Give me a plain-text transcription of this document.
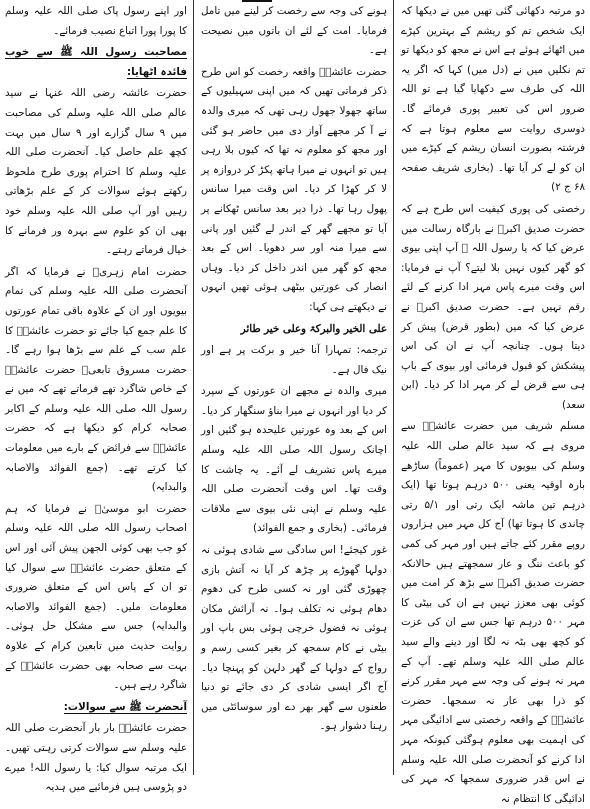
دو مرتبہ دکھائی گئی تھیں میں نے دیکھا کہ ایک شخص تم کو ریشم کے بہترین کپڑے میں اٹھائے ہوئے ہے اس نے مجھ کو دیکھا تو تم نکلیں میں نے (دل میں) کہا کہ اگر یہ اللہ کی طرف سے دکھایا گیا ہے تو اللہ ضرور اس کی تعبیر پوری فرمائے گا۔ دوسری روایت سے معلوم ہوتا ہے کہ فرشتہ بصورت انسان ریشم کے کپڑے میں ان کو لے کر آیا تھا۔ (بخاری شریف صفحہ ۶۸ ج ۲)

رخصتی کی پوری کیفیت اس طرح ہے کہ حضرت صدیق اکبرؓ نے بارگاہ رسالت میں عرض کیا کہ یا رسول اللہ ﷺ آپ اپنی بیوی کو گھر کیوں نہیں بلا لیتے؟ آپ نے فرمایا: اس وقت میرے پاس مہر ادا کرنے کے لئے رقم نہیں ہے۔ حضرت صدیق اکبرؓ نے عرض کیا کہ میں (بطور قرض) پیش کر دیتا ہوں۔ چنانچہ آپ نے ان کی اس پیشکش کو قبول فرمائی اور بیوی کے باپ ہی سے قرض لے کر مہر ادا کر دیا۔ (ابن سعد)

مسلم شریف میں حضرت عائشہؓ سے مروی ہے کہ سید عالم صلی اللہ علیہ وسلم کی بیویوں کا مہر (عموماً) ساڑھے بارہ اوقیہ یعنی ۵۰۰ درہم ہوتا تھا (ایک درہم تین ماشہ ایک رتی اور ۵/۱ رتی چاندی کا ہوتا تھا) آج کل مہر میں ہزاروں روپے مقرر کئے جاتے ہیں اور مہر کی کمی کو باعث ننگ و عار سمجھتے ہیں حالانکہ حضرت صدیق اکبرؓ سے بڑھ کر امت میں کوئی بھی معزز نہیں ہے ان کی بیٹی کا مہر ۵۰۰ درہم تھا جس سے ان کی عزت کو کچھ بھی بٹہ نہ لگا اور دینے والے سید عالم صلی اللہ علیہ وسلم تھے۔ آپ کے مہر نہ ہونے کی وجہ سے مہر مقرر کرنے کو ذرا بھی عار نہ سمجھا۔ حضرت عائشہؓ کے واقعہ رخصتی سے ادائیگی مہر کی اہمیت بھی معلوم ہوگئی کیونکہ مہر ادا کرنے کو آنحضرت صلی اللہ علیہ وسلم نے اس قدر ضروری سمجھا کہ مہر کی ادائیگی کا انتظام نہ

ہونے کی وجہ سے رخصت کر لینے میں تامل فرمایا۔ امت کے لئے ان باتوں میں نصیحت ہے۔

حضرت عائشہؓ واقعہ رخصت کو اس طرح ذکر فرماتی تھیں کہ میں اپنی سہیلیوں کے ساتھ جھولا جھول رہی تھی کہ میری والدہ نے آ کر مجھے آواز دی میں حاضر ہو گئی اور مجھ کو معلوم نہ تھا کہ کیوں بلا رہی ہیں تو انہوں نے میرا ہاتھ پکڑ کر دروازہ پر لا کر کھڑا کر دیا۔ اس وقت میرا سانس پھول رہا تھا۔ ذرا دیر بعد سانس ٹھکانے پر آیا تو مجھے گھر کے اندر لے گئیں اور پانی سے میرا منہ اور سر دھویا۔ اس کے بعد مجھ کو گھر میں اندر داخل کر دیا۔ وہاں انصار کی عورتیں بیٹھی ہوئی تھیں انہوں نے دیکھتے ہی کہا:

علی الخیر والبرکۃ وعلی خیر طائر

ترجمہ: تمہارا آنا خیر و برکت پر ہے اور نیک فال ہے۔

میری والدہ نے مجھے ان عورتوں کے سپرد کر دیا اور انہوں نے میرا بناؤ سنگھار کر دیا۔ اس کے بعد وہ عورتیں علیحدہ ہو گئیں اور اچانک رسول اللہ صلی اللہ علیہ وسلم میرے پاس تشریف لے آئے۔ یہ چاشت کا وقت تھا۔ اس وقت آنحضرت صلی اللہ علیہ وسلم نے اپنی نئی بیوی سے ملاقات فرمائی۔ (بخاری و جمع الفوائد)

غور کیجئے! اس سادگی سے شادی ہوئی نہ دولہا گھوڑے پر چڑھ کر آیا نہ آتش بازی چھوڑی گئی اور نہ کسی طرح کی دھوم دھام ہوئی نہ تکلف ہوا۔ نہ آرائش مکان ہوئی نہ فضول خرچی ہوئی بس باپ اور بیٹی نے کام سمجھ کر بغیر کسی رسم و رواج کے دولہا کے گھر دلہن کو پہنچا دیا۔ آج اگر ایسی شادی کر دی جائے تو دنیا طعنوں سے گھر بھر دے اور سوسائٹی میں رہنا دشوار ہو۔

اور اپنے رسول پاک صلی اللہ علیہ وسلم کا پورا پورا اتباع نصیب فرمائے۔

مصاحبت رسول اللہ ﷺ سے خوب فائدہ اٹھایا:

حضرت عائشہ رضی اللہ عنہا نے سید عالم صلی اللہ علیہ وسلم کی مصاحبت میں ۹ سال گزارے اور ۹ سال میں بہت کچھ علم حاصل کیا۔ آنحضرت صلی اللہ علیہ وسلم کا احترام پوری طرح ملحوظ رکھتے ہوئے سوالات کر کے علم بڑھاتی رہیں اور آپ صلی اللہ علیہ وسلم خود بھی ان کو علوم سے بہرہ ور فرمانے کا خیال فرماتے رہتے۔

حضرت امام زہریؒ نے فرمایا کہ اگر آنحضرت صلی اللہ علیہ وسلم کی تمام بیویوں اور ان کے علاوہ باقی تمام عورتوں کا علم جمع کیا جائے تو حضرت عائشہؓ کا علم سب کے علم سے بڑھا ہوا رہے گا۔ حضرت مسروق تابعیؒ حضرت عائشہؓ کے خاص شاگرد تھے فرماتے تھے کہ میں نے رسول اللہ صلی اللہ علیہ وسلم کے اکابر صحابہ کرام کو دیکھا ہے کہ حضرت عائشہؓ سے فرائض کے بارے میں معلومات کیا کرتے تھے۔ (جمع الفوائد والاصابہ والبدایہ)

حضرت ابو موسیٰؓ نے فرمایا کہ ہم اصحاب رسول اللہ صلی اللہ علیہ وسلم کو جب بھی کوئی الجھن پیش آئی اور اس کے متعلق حضرت عائشہؓ سے سوال کیا تو ان کے پاس اس کے متعلق ضروری معلومات ملیں۔ (جمع الفوائد والاصابہ والبدایہ) جس سے مشکل حل ہوئی۔ روایت حدیث میں تابعین کرام کے علاوہ بہت سے صحابہ بھی حضرت عائشہؓ کے شاگرد رہے ہیں۔

آنحضرت ﷺ سے سوالات:

حضرت عائشہؓ بار بار آنحضرت صلی اللہ علیہ وسلم سے سوالات کرتی رہتی تھیں۔ ایک مرتبہ سوال کیا: یا رسول اللہ! میرے دو پڑوسی ہیں فرمائیے میں ہدیہ
